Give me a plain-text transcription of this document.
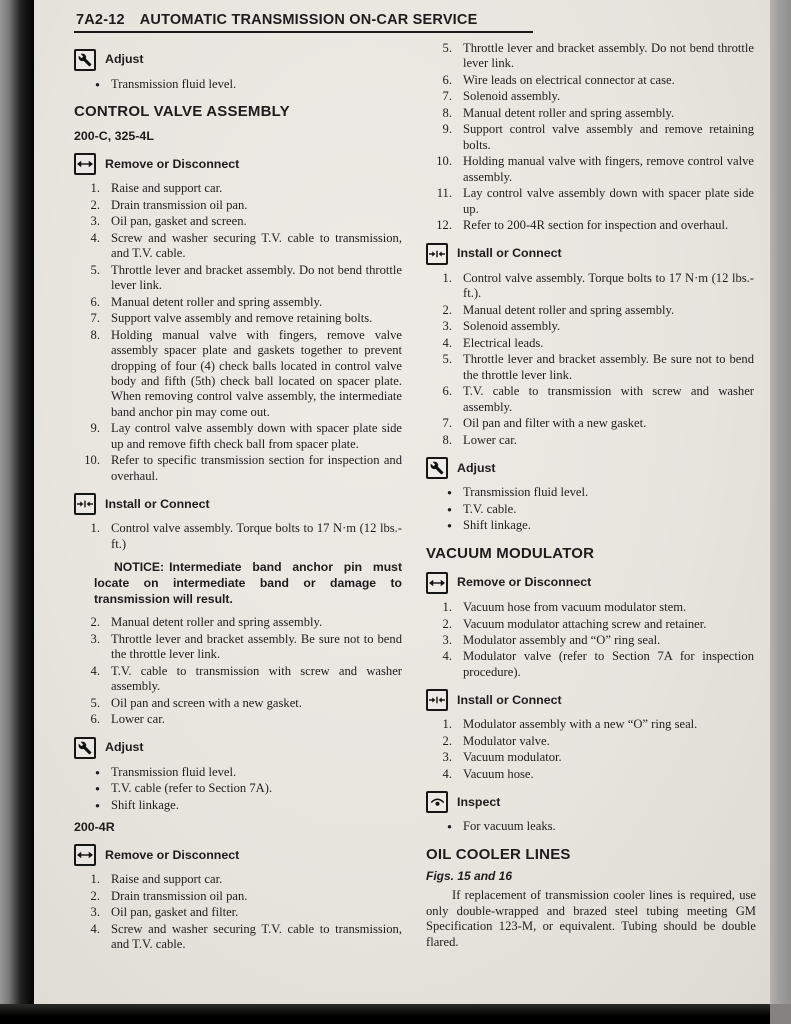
7A2-12 AUTOMATIC TRANSMISSION ON-CAR SERVICE
Adjust
● Transmission fluid level.
CONTROL VALVE ASSEMBLY
200-C, 325-4L
Remove or Disconnect
1. Raise and support car.
2. Drain transmission oil pan.
3. Oil pan, gasket and screen.
4. Screw and washer securing T.V. cable to transmission, and T.V. cable.
5. Throttle lever and bracket assembly. Do not bend throttle lever link.
6. Manual detent roller and spring assembly.
7. Support valve assembly and remove retaining bolts.
8. Holding manual valve with fingers, remove valve assembly spacer plate and gaskets together to prevent dropping of four (4) check balls located in control valve body and fifth (5th) check ball located on spacer plate. When removing control valve assembly, the intermediate band anchor pin may come out.
9. Lay control valve assembly down with spacer plate side up and remove fifth check ball from spacer plate.
10. Refer to specific transmission section for inspection and overhaul.
Install or Connect
1. Control valve assembly. Torque bolts to 17 N·m (12 lbs.-ft.)
NOTICE: Intermediate band anchor pin must locate on intermediate band or damage to transmission will result.
2. Manual detent roller and spring assembly.
3. Throttle lever and bracket assembly. Be sure not to bend the throttle lever link.
4. T.V. cable to transmission with screw and washer assembly.
5. Oil pan and screen with a new gasket.
6. Lower car.
Adjust
● Transmission fluid level.
● T.V. cable (refer to Section 7A).
● Shift linkage.
200-4R
Remove or Disconnect
1. Raise and support car.
2. Drain transmission oil pan.
3. Oil pan, gasket and filter.
4. Screw and washer securing T.V. cable to transmission, and T.V. cable.
5. Throttle lever and bracket assembly. Do not bend throttle lever link.
6. Wire leads on electrical connector at case.
7. Solenoid assembly.
8. Manual detent roller and spring assembly.
9. Support control valve assembly and remove retaining bolts.
10. Holding manual valve with fingers, remove control valve assembly.
11. Lay control valve assembly down with spacer plate side up.
12. Refer to 200-4R section for inspection and overhaul.
Install or Connect
1. Control valve assembly. Torque bolts to 17 N·m (12 lbs.-ft.).
2. Manual detent roller and spring assembly.
3. Solenoid assembly.
4. Electrical leads.
5. Throttle lever and bracket assembly. Be sure not to bend the throttle lever link.
6. T.V. cable to transmission with screw and washer assembly.
7. Oil pan and filter with a new gasket.
8. Lower car.
Adjust
● Transmission fluid level.
● T.V. cable.
● Shift linkage.
VACUUM MODULATOR
Remove or Disconnect
1. Vacuum hose from vacuum modulator stem.
2. Vacuum modulator attaching screw and retainer.
3. Modulator assembly and “O” ring seal.
4. Modulator valve (refer to Section 7A for inspection procedure).
Install or Connect
1. Modulator assembly with a new “O” ring seal.
2. Modulator valve.
3. Vacuum modulator.
4. Vacuum hose.
Inspect
● For vacuum leaks.
OIL COOLER LINES
Figs. 15 and 16

If replacement of transmission cooler lines is required, use only double-wrapped and brazed steel tubing meeting GM Specification 123-M, or equivalent. Tubing should be double flared.
